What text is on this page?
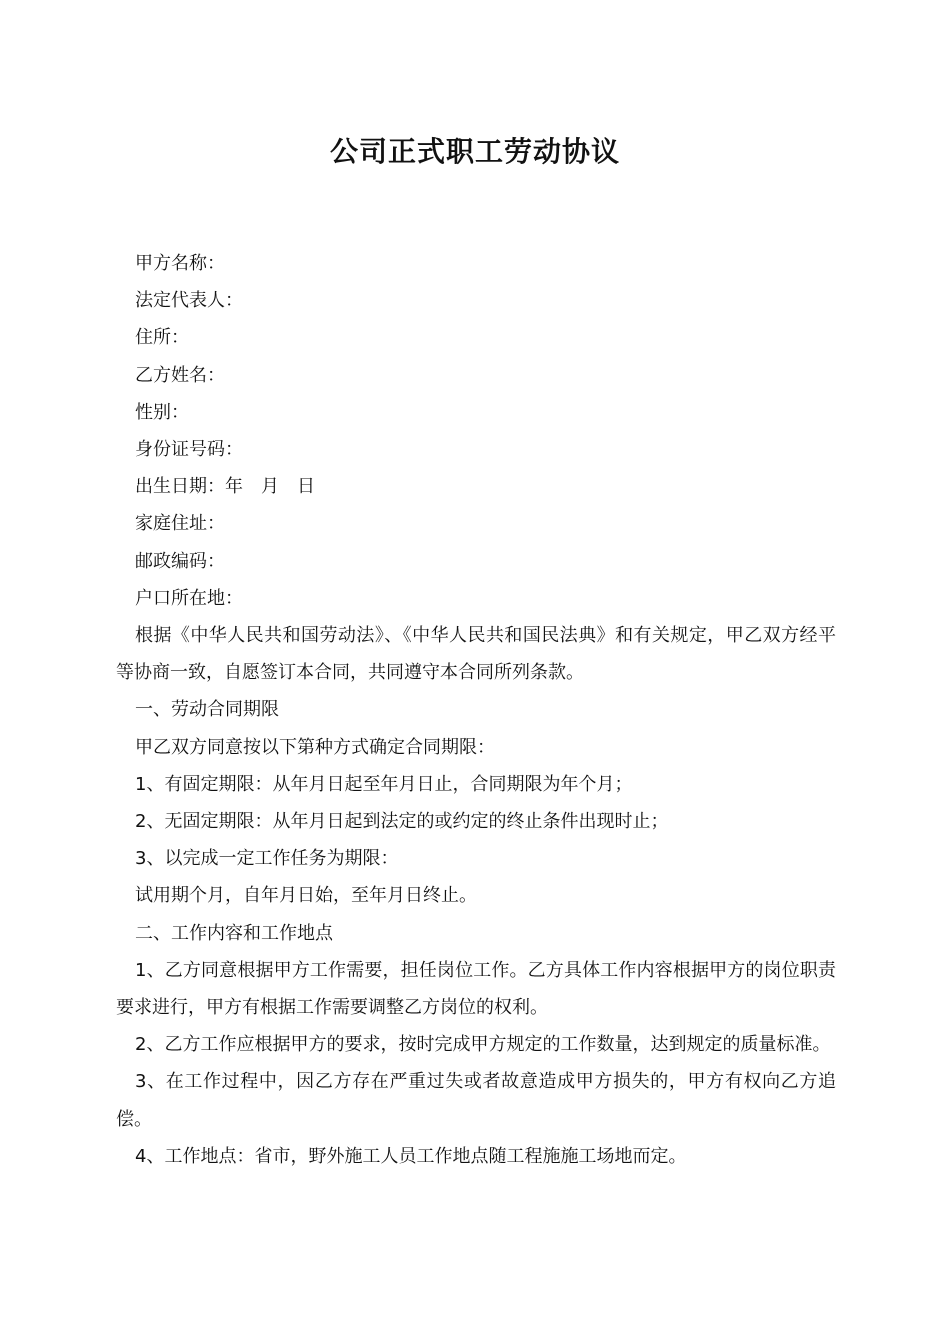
公司正式职工劳动协议
甲方名称：
法定代表人：
住所：
乙方姓名：
性别：
身份证号码：
出生日期：年　月　日
家庭住址：
邮政编码：
户口所在地：
根据《中华人民共和国劳动法》、《中华人民共和国民法典》和有关规定，甲乙双方经平等协商一致，自愿签订本合同，共同遵守本合同所列条款。
一、劳动合同期限
甲乙双方同意按以下第种方式确定合同期限：
1、有固定期限：从年月日起至年月日止，合同期限为年个月；
2、无固定期限：从年月日起到法定的或约定的终止条件出现时止；
3、以完成一定工作任务为期限：
试用期个月，自年月日始，至年月日终止。
二、工作内容和工作地点
1、乙方同意根据甲方工作需要，担任岗位工作。乙方具体工作内容根据甲方的岗位职责要求进行，甲方有根据工作需要调整乙方岗位的权利。
2、乙方工作应根据甲方的要求，按时完成甲方规定的工作数量，达到规定的质量标准。
3、在工作过程中，因乙方存在严重过失或者故意造成甲方损失的，甲方有权向乙方追偿。
4、工作地点：省市，野外施工人员工作地点随工程施施工场地而定。
